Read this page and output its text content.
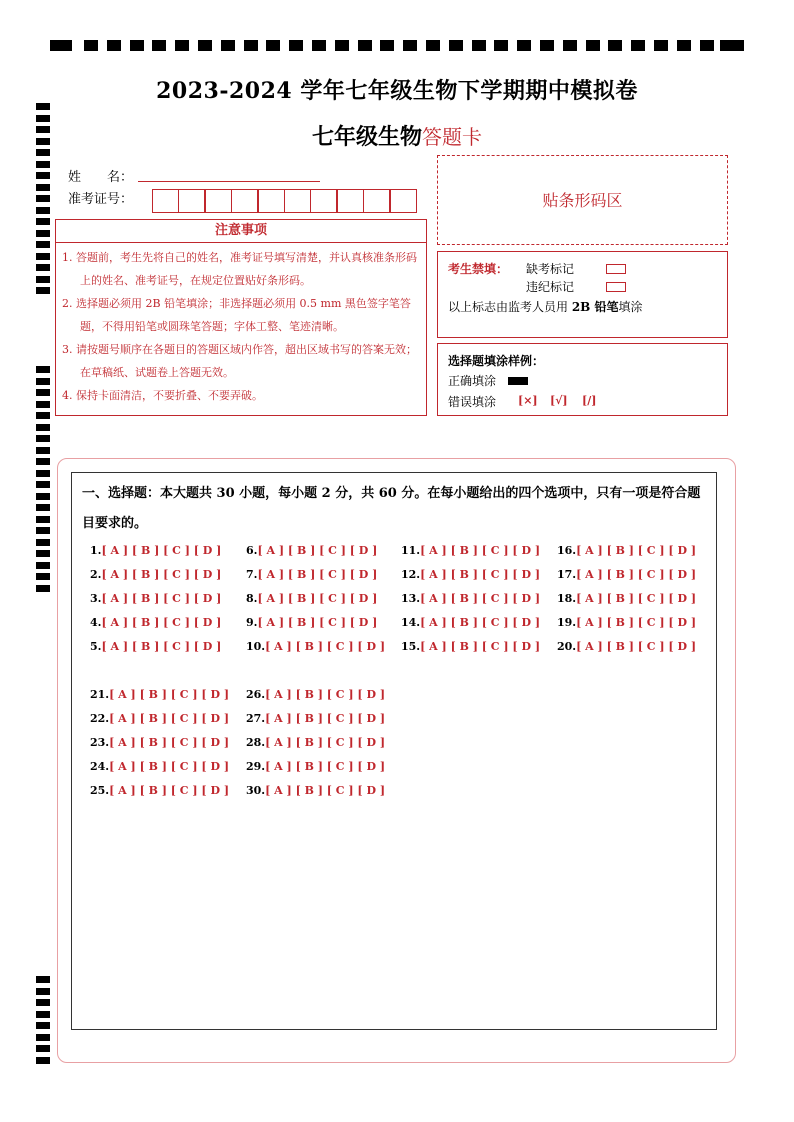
2023-2024 学年七年级生物下学期期中模拟卷
七年级生物答题卡
姓　　名：
准考证号：	贴条形码区
注意事项
1. 答题前，考生先将自己的姓名，准考证号填写清楚，并认真核准条形码上的姓名、准考证号，在规定位置贴好条形码。
2. 选择题必须用 2B 铅笔填涂；非选择题必须用 0.5 mm 黑色签字笔答题，不得用铅笔或圆珠笔答题；字体工整、笔迹清晰。
3. 请按题号顺序在各题目的答题区域内作答，超出区域书写的答案无效；在草稿纸、试题卷上答题无效。
4. 保持卡面清洁，不要折叠、不要弄破。
考生禁填： 缺考标记
违纪标记
以上标志由监考人员用 2B 铅笔填涂
选择题填涂样例：
正确填涂
错误填涂 [×] [√] [/]
一、选择题：本大题共 30 小题，每小题 2 分，共 60 分。在每小题给出的四个选项中，只有一项是符合题目要求的。
1.[ A ] [ B ] [ C ] [ D ]
2.[ A ] [ B ] [ C ] [ D ]
3.[ A ] [ B ] [ C ] [ D ]
4.[ A ] [ B ] [ C ] [ D ]
5.[ A ] [ B ] [ C ] [ D ]
6.[ A ] [ B ] [ C ] [ D ]
7.[ A ] [ B ] [ C ] [ D ]
8.[ A ] [ B ] [ C ] [ D ]
9.[ A ] [ B ] [ C ] [ D ]
10.[ A ] [ B ] [ C ] [ D ]
11.[ A ] [ B ] [ C ] [ D ]
12.[ A ] [ B ] [ C ] [ D ]
13.[ A ] [ B ] [ C ] [ D ]
14.[ A ] [ B ] [ C ] [ D ]
15.[ A ] [ B ] [ C ] [ D ]
16.[ A ] [ B ] [ C ] [ D ]
17.[ A ] [ B ] [ C ] [ D ]
18.[ A ] [ B ] [ C ] [ D ]
19.[ A ] [ B ] [ C ] [ D ]
20.[ A ] [ B ] [ C ] [ D ]
21.[ A ] [ B ] [ C ] [ D ]
22.[ A ] [ B ] [ C ] [ D ]
23.[ A ] [ B ] [ C ] [ D ]
24.[ A ] [ B ] [ C ] [ D ]
25.[ A ] [ B ] [ C ] [ D ]
26.[ A ] [ B ] [ C ] [ D ]
27.[ A ] [ B ] [ C ] [ D ]
28.[ A ] [ B ] [ C ] [ D ]
29.[ A ] [ B ] [ C ] [ D ]
30.[ A ] [ B ] [ C ] [ D ]
